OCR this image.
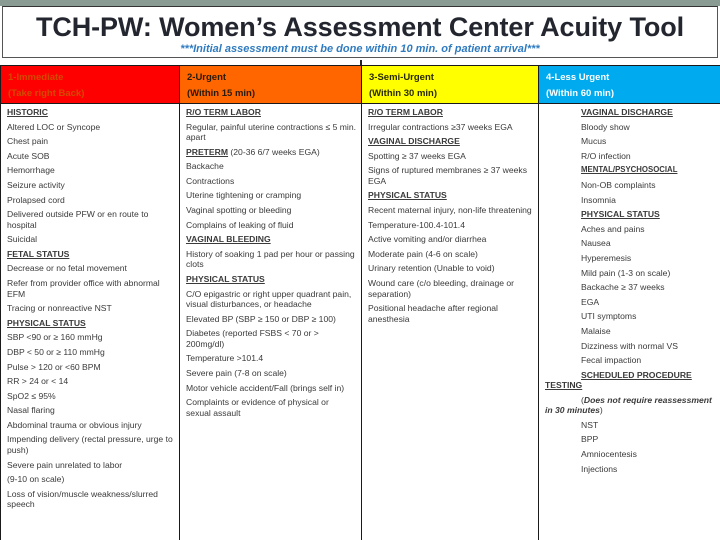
TCH-PW: Women’s Assessment Center Acuity Tool
***Initial assessment must be done within 10 min. of patient arrival***
1-Immediate
(Take right Back)

2-Urgent
(Within 15 min)

3-Semi-Urgent
(Within 30 min)

4-Less Urgent
(Within 60 min)

HISTORIC
Altered LOC or Syncope
Chest pain
Acute SOB
Hemorrhage
Seizure activity
Prolapsed cord
Delivered outside PFW or en route to hospital
Suicidal
FETAL STATUS
Decrease or no fetal movement
Refer from provider office with abnormal EFM
Tracing or nonreactive NST
PHYSICAL STATUS
SBP <90 or ≥ 160 mmHg
DBP < 50 or ≥ 110 mmHg
Pulse > 120 or <60 BPM
RR > 24 or < 14
SpO2 ≤ 95%
Nasal flaring
Abdominal trauma or obvious injury
Impending delivery (rectal pressure, urge to push)
Severe pain unrelated to labor
(9-10 on scale)
Loss of vision/muscle weakness/slurred speech

R/O TERM LABOR
Regular, painful uterine contractions ≤ 5 min. apart
PRETERM (20-36 6/7 weeks EGA)
Backache
Contractions
Uterine tightening or cramping
Vaginal spotting or bleeding
Complains of leaking of fluid
VAGINAL BLEEDING
History of soaking 1 pad per hour or passing clots
PHYSICAL STATUS
C/O epigastric or right upper quadrant pain, visual disturbances, or headache
Elevated BP (SBP ≥ 150 or DBP ≥ 100)
Diabetes (reported FSBS < 70 or > 200mg/dl)
Temperature >101.4
Severe pain (7-8 on scale)
Motor vehicle accident/Fall (brings self in)
Complaints or evidence of physical or sexual assault

R/O TERM LABOR
Irregular contractions ≥37 weeks EGA
VAGINAL DISCHARGE
Spotting ≥ 37 weeks EGA
Signs of ruptured membranes ≥ 37 weeks EGA
PHYSICAL STATUS
Recent maternal injury, non-life threatening
Temperature-100.4-101.4
Active vomiting and/or diarrhea
Moderate pain (4-6 on scale)
Urinary retention (Unable to void)
Wound care (c/o bleeding, drainage or separation)
Positional headache after regional anesthesia

VAGINAL DISCHARGE
Bloody show
Mucus
R/O infection
MENTAL/PSYCHOSOCIAL
Non-OB complaints
Insomnia
PHYSICAL STATUS
Aches and pains
Nausea
Hyperemesis
Mild pain (1-3 on scale)
Backache ≥ 37 weeks
EGA
UTI symptoms
Malaise
Dizziness with normal VS
Fecal impaction
SCHEDULED PROCEDURE TESTING
(Does not require reassessment in 30 minutes)
NST
BPP
Amniocentesis
Injections
